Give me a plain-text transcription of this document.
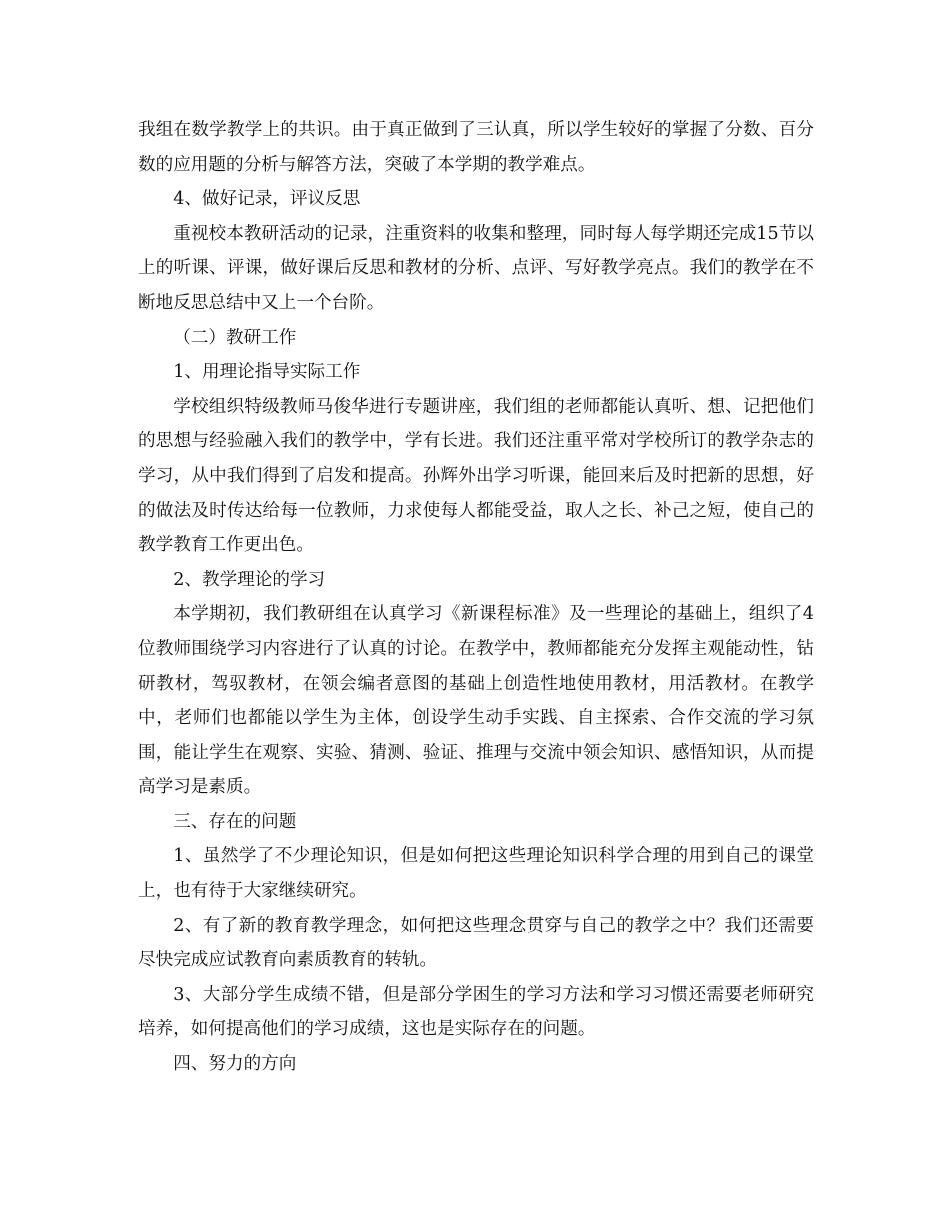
我组在数学教学上的共识。由于真正做到了三认真，所以学生较好的掌握了分数、百分数的应用题的分析与解答方法，突破了本学期的教学难点。

4、做好记录，评议反思

重视校本教研活动的记录，注重资料的收集和整理，同时每人每学期还完成15节以上的听课、评课，做好课后反思和教材的分析、点评、写好教学亮点。我们的教学在不断地反思总结中又上一个台阶。

（二）教研工作

1、用理论指导实际工作

学校组织特级教师马俊华进行专题讲座，我们组的老师都能认真听、想、记把他们的思想与经验融入我们的教学中，学有长进。我们还注重平常对学校所订的教学杂志的学习，从中我们得到了启发和提高。孙辉外出学习听课，能回来后及时把新的思想，好的做法及时传达给每一位教师，力求使每人都能受益，取人之长、补己之短，使自己的教学教育工作更出色。

2、教学理论的学习

本学期初，我们教研组在认真学习《新课程标准》及一些理论的基础上，组织了4位教师围绕学习内容进行了认真的讨论。在教学中，教师都能充分发挥主观能动性，钻研教材，驾驭教材，在领会编者意图的基础上创造性地使用教材，用活教材。在教学中，老师们也都能以学生为主体，创设学生动手实践、自主探索、合作交流的学习氛围，能让学生在观察、实验、猜测、验证、推理与交流中领会知识、感悟知识，从而提高学习是素质。

三、存在的问题

1、虽然学了不少理论知识，但是如何把这些理论知识科学合理的用到自己的课堂上，也有待于大家继续研究。

2、有了新的教育教学理念，如何把这些理念贯穿与自己的教学之中？我们还需要尽快完成应试教育向素质教育的转轨。

3、大部分学生成绩不错，但是部分学困生的学习方法和学习习惯还需要老师研究培养，如何提高他们的学习成绩，这也是实际存在的问题。

四、努力的方向
